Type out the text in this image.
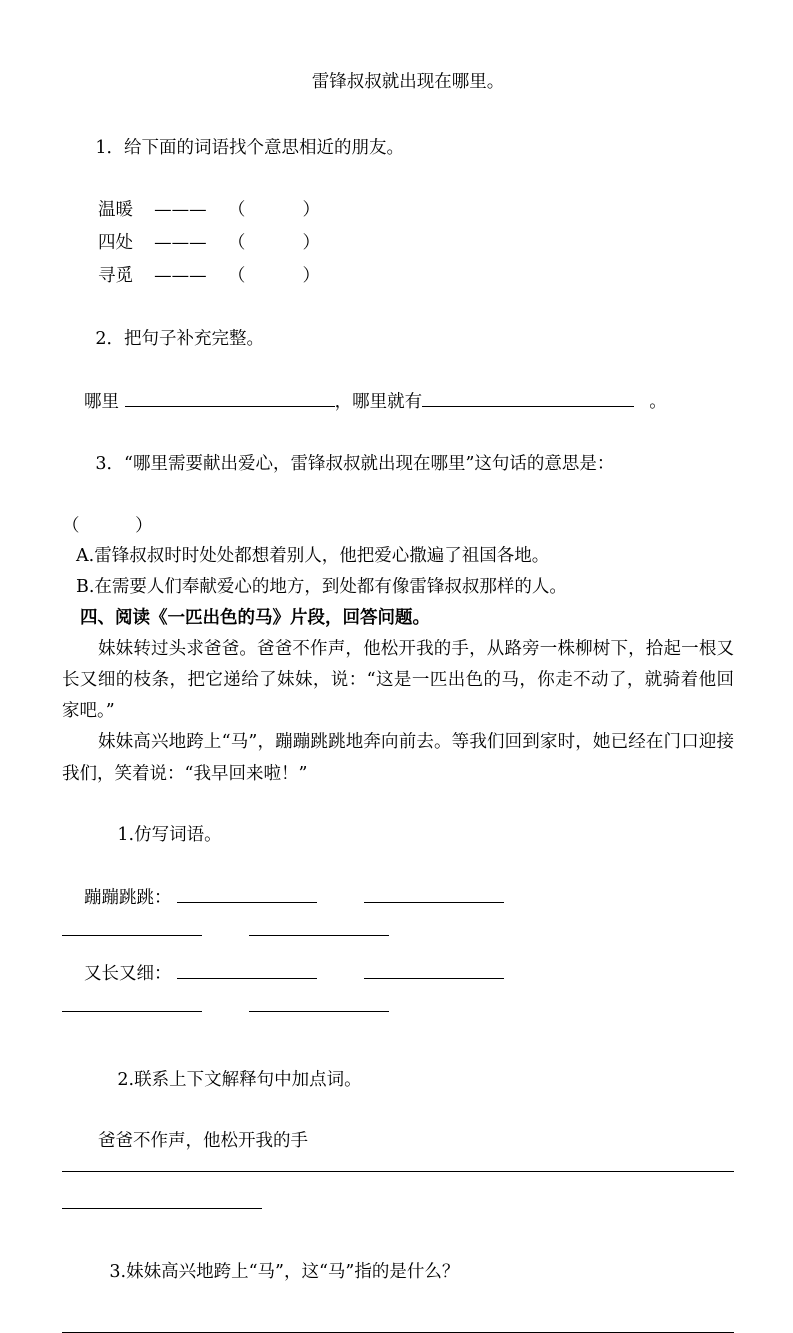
雷锋叔叔就出现在哪里。

1．给下面的词语找个意思相近的朋友。

温暖 ——— （	）
四处 ——— （	）
寻觅 ——— （	）

2．把句子补充完整。

哪里	，哪里就有	。

3．“哪里需要献出爱心，雷锋叔叔就出现在哪里”这句话的意思是：

（          ）
A.雷锋叔叔时时处处都想着别人，他把爱心撒遍了祖国各地。
B.在需要人们奉献爱心的地方，到处都有像雷锋叔叔那样的人。
四、阅读《一匹出色的马》片段，回答问题。
妹妹转过头求爸爸。爸爸不作声，他松开我的手，从路旁一株柳树下，拾起一根又长又细的枝条，把它递给了妹妹，说：“这是一匹出色的马，你走不动了，就骑着他回家吧。”
妹妹高兴地跨上“马”，蹦蹦跳跳地奔向前去。等我们回到家时，她已经在门口迎接我们，笑着说：“我早回来啦！”

1.仿写词语。

蹦蹦跳跳：

又长又细：

2.联系上下文解释句中加点词。

爸爸不作声，他松开我的手

3.妹妹高兴地跨上“马”，这“马”指的是什么？
